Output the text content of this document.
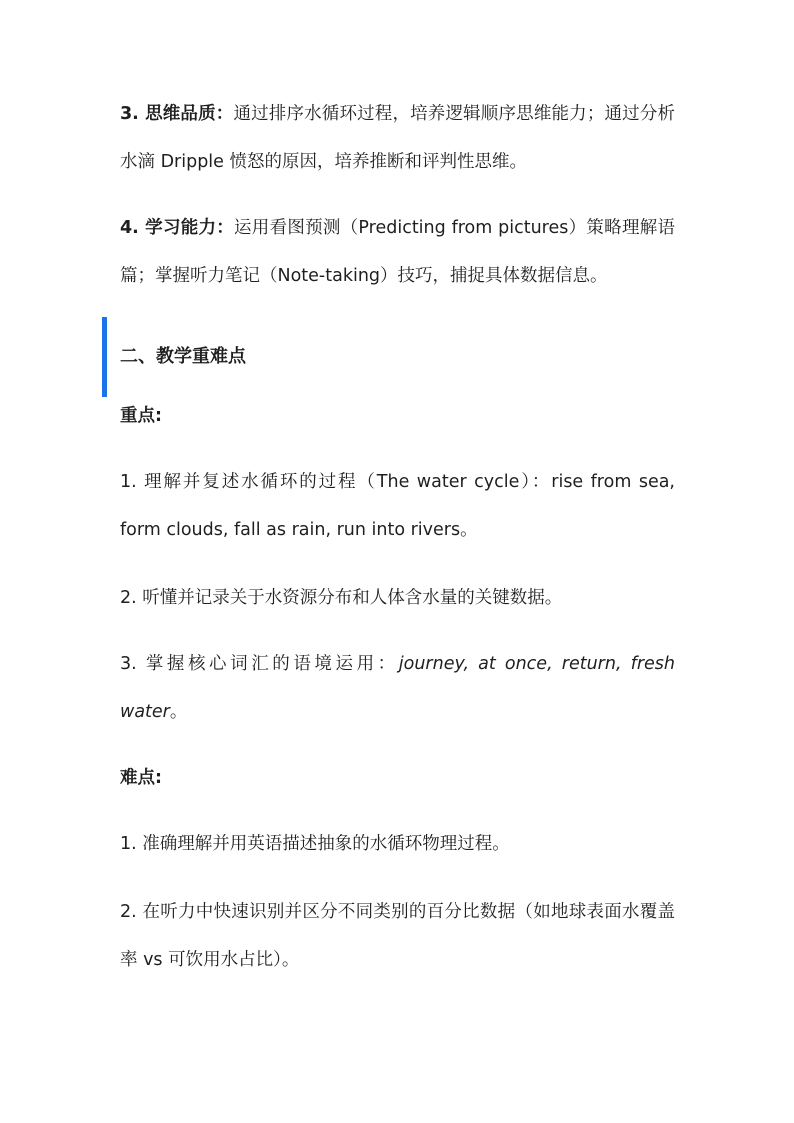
3. 思维品质：通过排序水循环过程，培养逻辑顺序思维能力；通过分析水滴 Dripple 愤怒的原因，培养推断和评判性思维。

4. 学习能力：运用看图预测（Predicting from pictures）策略理解语篇；掌握听力笔记（Note-taking）技巧，捕捉具体数据信息。

二、教学重难点

重点:

1. 理解并复述水循环的过程（The water cycle）：rise from sea, form clouds, fall as rain, run into rivers。

2. 听懂并记录关于水资源分布和人体含水量的关键数据。

3. 掌握核心词汇的语境运用：journey, at once, return, fresh water。

难点:

1. 准确理解并用英语描述抽象的水循环物理过程。

2. 在听力中快速识别并区分不同类别的百分比数据（如地球表面水覆盖率 vs 可饮用水占比）。
